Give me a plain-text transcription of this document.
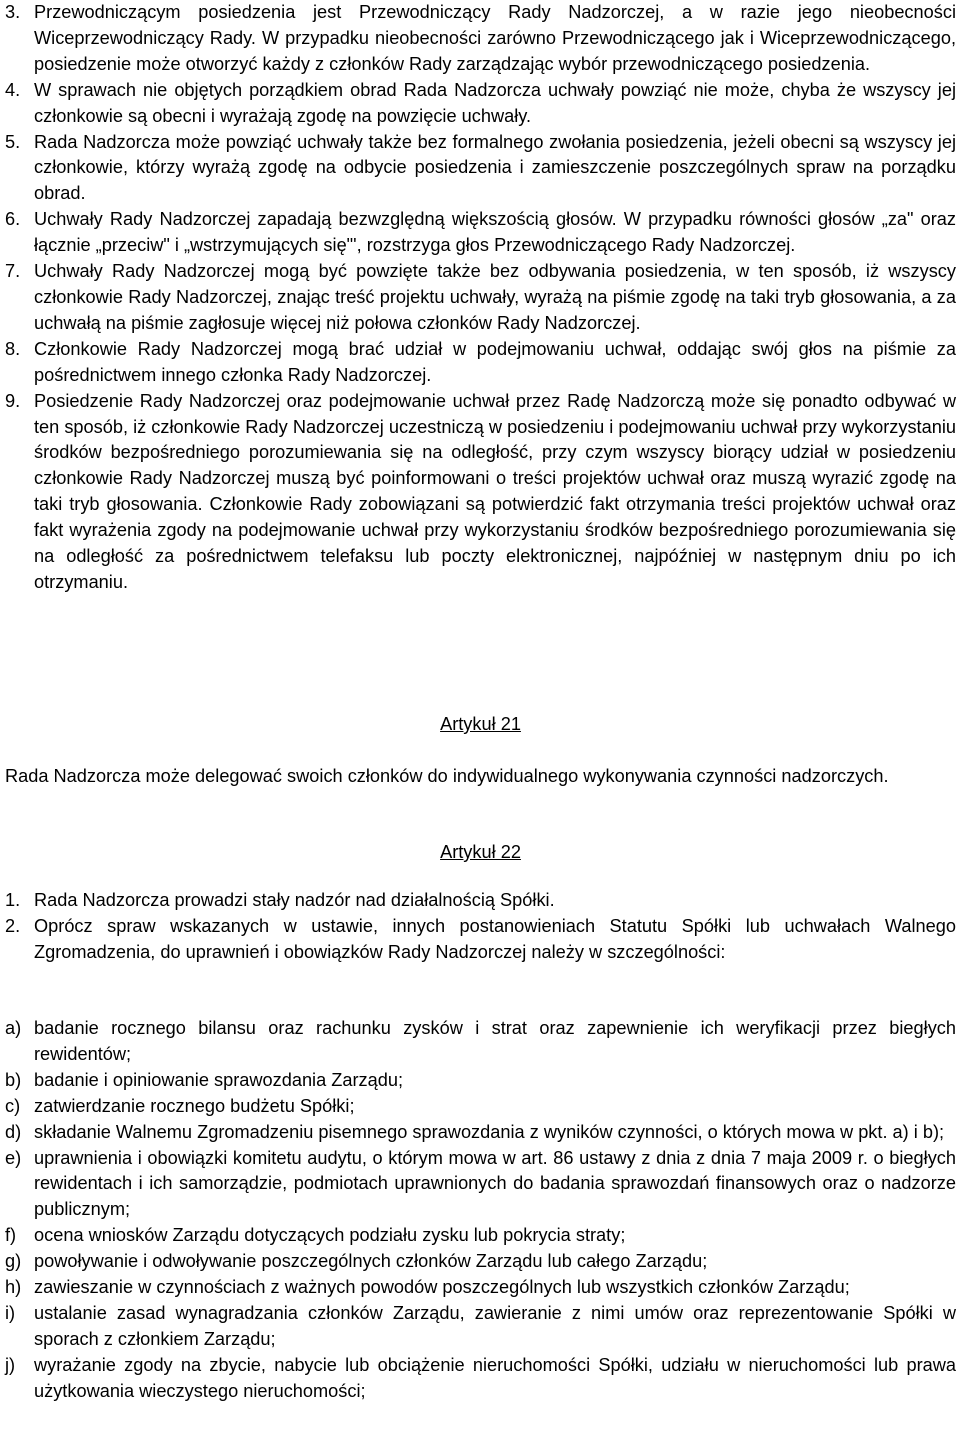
3. Przewodniczącym posiedzenia jest Przewodniczący Rady Nadzorczej, a w razie jego nieobecności Wiceprzewodniczący Rady. W przypadku nieobecności zarówno Przewodniczącego jak i Wiceprzewodniczącego, posiedzenie może otworzyć każdy z członków Rady zarządzając wybór przewodniczącego posiedzenia.
4. W sprawach nie objętych porządkiem obrad Rada Nadzorcza uchwały powziąć nie może, chyba że wszyscy jej członkowie są obecni i wyrażają zgodę na powzięcie uchwały.
5. Rada Nadzorcza może powziąć uchwały także bez formalnego zwołania posiedzenia, jeżeli obecni są wszyscy jej członkowie, którzy wyrażą zgodę na odbycie posiedzenia i zamieszczenie poszczególnych spraw na porządku obrad.
6. Uchwały Rady Nadzorczej zapadają bezwzględną większością głosów. W przypadku równości głosów „za" oraz łącznie „przeciw" i „wstrzymujących się"', rozstrzyga głos Przewodniczącego Rady Nadzorczej.
7. Uchwały Rady Nadzorczej mogą być powzięte także bez odbywania posiedzenia, w ten sposób, iż wszyscy członkowie Rady Nadzorczej, znając treść projektu uchwały, wyrażą na piśmie zgodę na taki tryb głosowania, a za uchwałą na piśmie zagłosuje więcej niż połowa członków Rady Nadzorczej.
8. Członkowie Rady Nadzorczej mogą brać udział w podejmowaniu uchwał, oddając swój głos na piśmie za pośrednictwem innego członka Rady Nadzorczej.
9. Posiedzenie Rady Nadzorczej oraz podejmowanie uchwał przez Radę Nadzorczą może się ponadto odbywać w ten sposób, iż członkowie Rady Nadzorczej uczestniczą w posiedzeniu i podejmowaniu uchwał przy wykorzystaniu środków bezpośredniego porozumiewania się na odległość, przy czym wszyscy biorący udział w posiedzeniu członkowie Rady Nadzorczej muszą być poinformowani o treści projektów uchwał oraz muszą wyrazić zgodę na taki tryb głosowania. Członkowie Rady zobowiązani są potwierdzić fakt otrzymania treści projektów uchwał oraz fakt wyrażenia zgody na podejmowanie uchwał przy wykorzystaniu środków bezpośredniego porozumiewania się na odległość za pośrednictwem telefaksu lub poczty elektronicznej, najpóźniej w następnym dniu po ich otrzymaniu.
Artykuł 21
Rada Nadzorcza może delegować swoich członków do indywidualnego wykonywania czynności nadzorczych.
Artykuł 22
1. Rada Nadzorcza prowadzi stały nadzór nad działalnością Spółki.
2. Oprócz spraw wskazanych w ustawie, innych postanowieniach Statutu Spółki lub uchwałach Walnego Zgromadzenia, do uprawnień i obowiązków Rady Nadzorczej należy w szczególności:
a) badanie rocznego bilansu oraz rachunku zysków i strat oraz zapewnienie ich weryfikacji przez biegłych rewidentów;
b) badanie i opiniowanie sprawozdania Zarządu;
c) zatwierdzanie rocznego budżetu Spółki;
d) składanie Walnemu Zgromadzeniu pisemnego sprawozdania z wyników czynności, o których mowa w pkt. a) i b);
e) uprawnienia i obowiązki komitetu audytu, o którym mowa w art. 86 ustawy z dnia z dnia 7 maja 2009 r. o biegłych rewidentach i ich samorządzie, podmiotach uprawnionych do badania sprawozdań finansowych oraz o nadzorze publicznym;
f) ocena wniosków Zarządu dotyczących podziału zysku lub pokrycia straty;
g) powoływanie i odwoływanie poszczególnych członków Zarządu lub całego Zarządu;
h) zawieszanie w czynnościach z ważnych powodów poszczególnych lub wszystkich członków Zarządu;
i)	ustalanie zasad wynagradzania członków Zarządu, zawieranie z nimi umów oraz reprezentowanie Spółki w sporach z członkiem Zarządu;
j)	wyrażanie zgody na zbycie, nabycie lub obciążenie nieruchomości Spółki, udziału w nieruchomości lub prawa użytkowania wieczystego nieruchomości;
